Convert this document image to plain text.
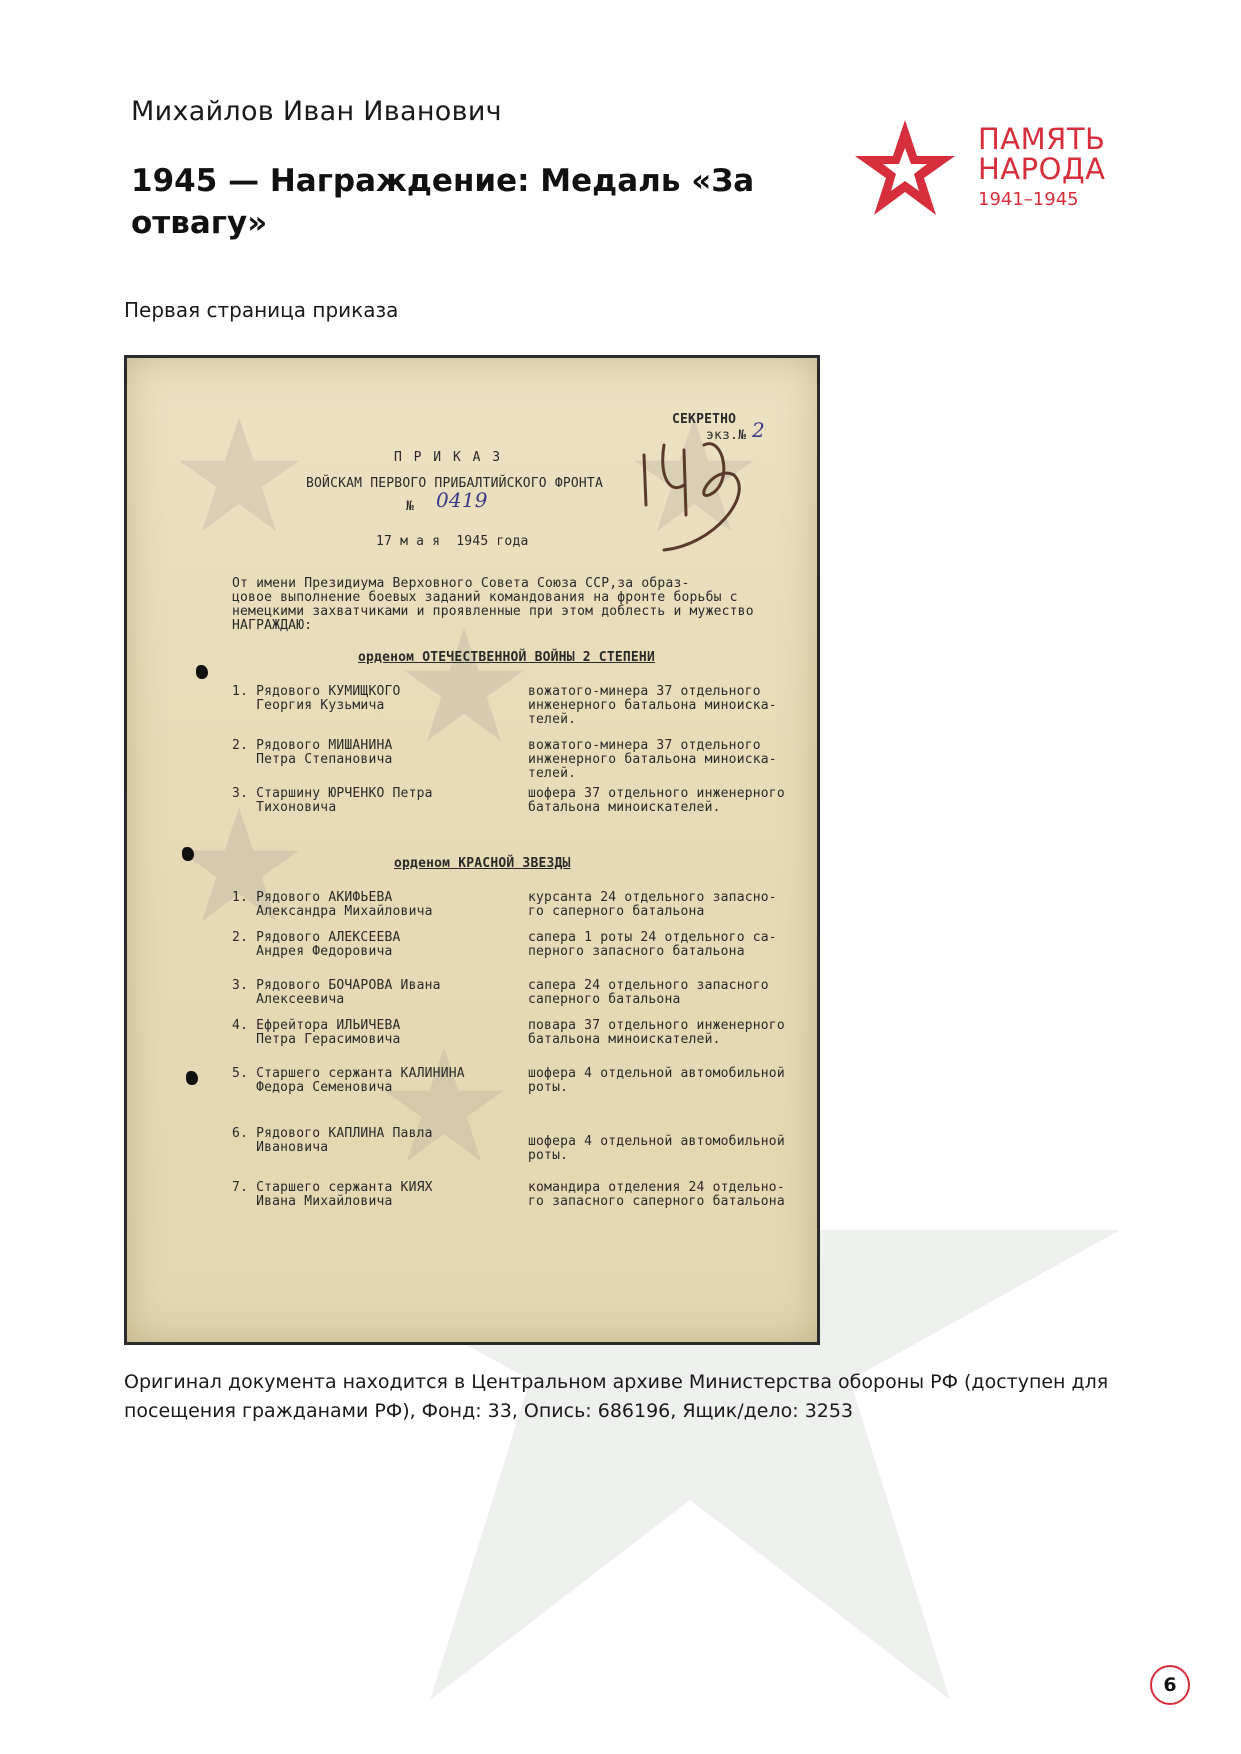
Михайлов Иван Иванович
1945 — Награждение: Медаль «За отвагу»
ПАМЯТЬ
НАРОДА
1941–1945
Первая страница приказа
СЕКРЕТНО
экз.№ 2
П Р И К А З
ВОЙСКАМ ПЕРВОГО ПРИБАЛТИЙСКОГО ФРОНТА
№ 0419
17 м а я  1945 года
От имени Президиума Верховного Совета Союза ССР,за образ-
цовое выполнение боевых заданий командования на фронте борьбы с
немецкими захватчиками и проявленные при этом доблесть и мужество
НАГРАЖДАЮ:
орденом ОТЕЧЕСТВЕННОЙ ВОЙНЫ 2 СТЕПЕНИ
1. Рядового КУМИЩКОГО
Георгия Кузьмича
вожатого-минера 37 отдельного
инженерного батальона миноиска-
телей.
2. Рядового МИШАНИНА
Петра Степановича
вожатого-минера 37 отдельного
инженерного батальона миноиска-
телей.
3. Старшину ЮРЧЕНКО Петра
Тихоновича
шофера 37 отдельного инженерного
батальона миноискателей.
орденом КРАСНОЙ ЗВЕЗДЫ
1. Рядового АКИФЬЕВА
Александра Михайловича
курсанта 24 отдельного запасно-
го саперного батальона
2. Рядового АЛЕКСЕЕВА
Андрея Федоровича
сапера 1 роты 24 отдельного са-
перного запасного батальона
3. Рядового БОЧАРОВА Ивана
Алексеевича
сапера 24 отдельного запасного
саперного батальона
4. Ефрейтора ИЛЬИЧЕВА
Петра Герасимовича
повара 37 отдельного инженерного
батальона миноискателей.
5. Старшего сержанта КАЛИНИНА
Федора Семеновича
шофера 4 отдельной автомобильной
роты.
6. Рядового КАПЛИНА Павла
Ивановича	шофера 4 отдельной автомобильной
роты.
7. Старшего сержанта КИЯХ
Ивана Михайловича
командира отделения 24 отдельно-
го запасного саперного батальона
Оригинал документа находится в Центральном архиве Министерства обороны РФ (доступен для посещения гражданами РФ), Фонд: 33, Опись: 686196, Ящик/дело: 3253
6
